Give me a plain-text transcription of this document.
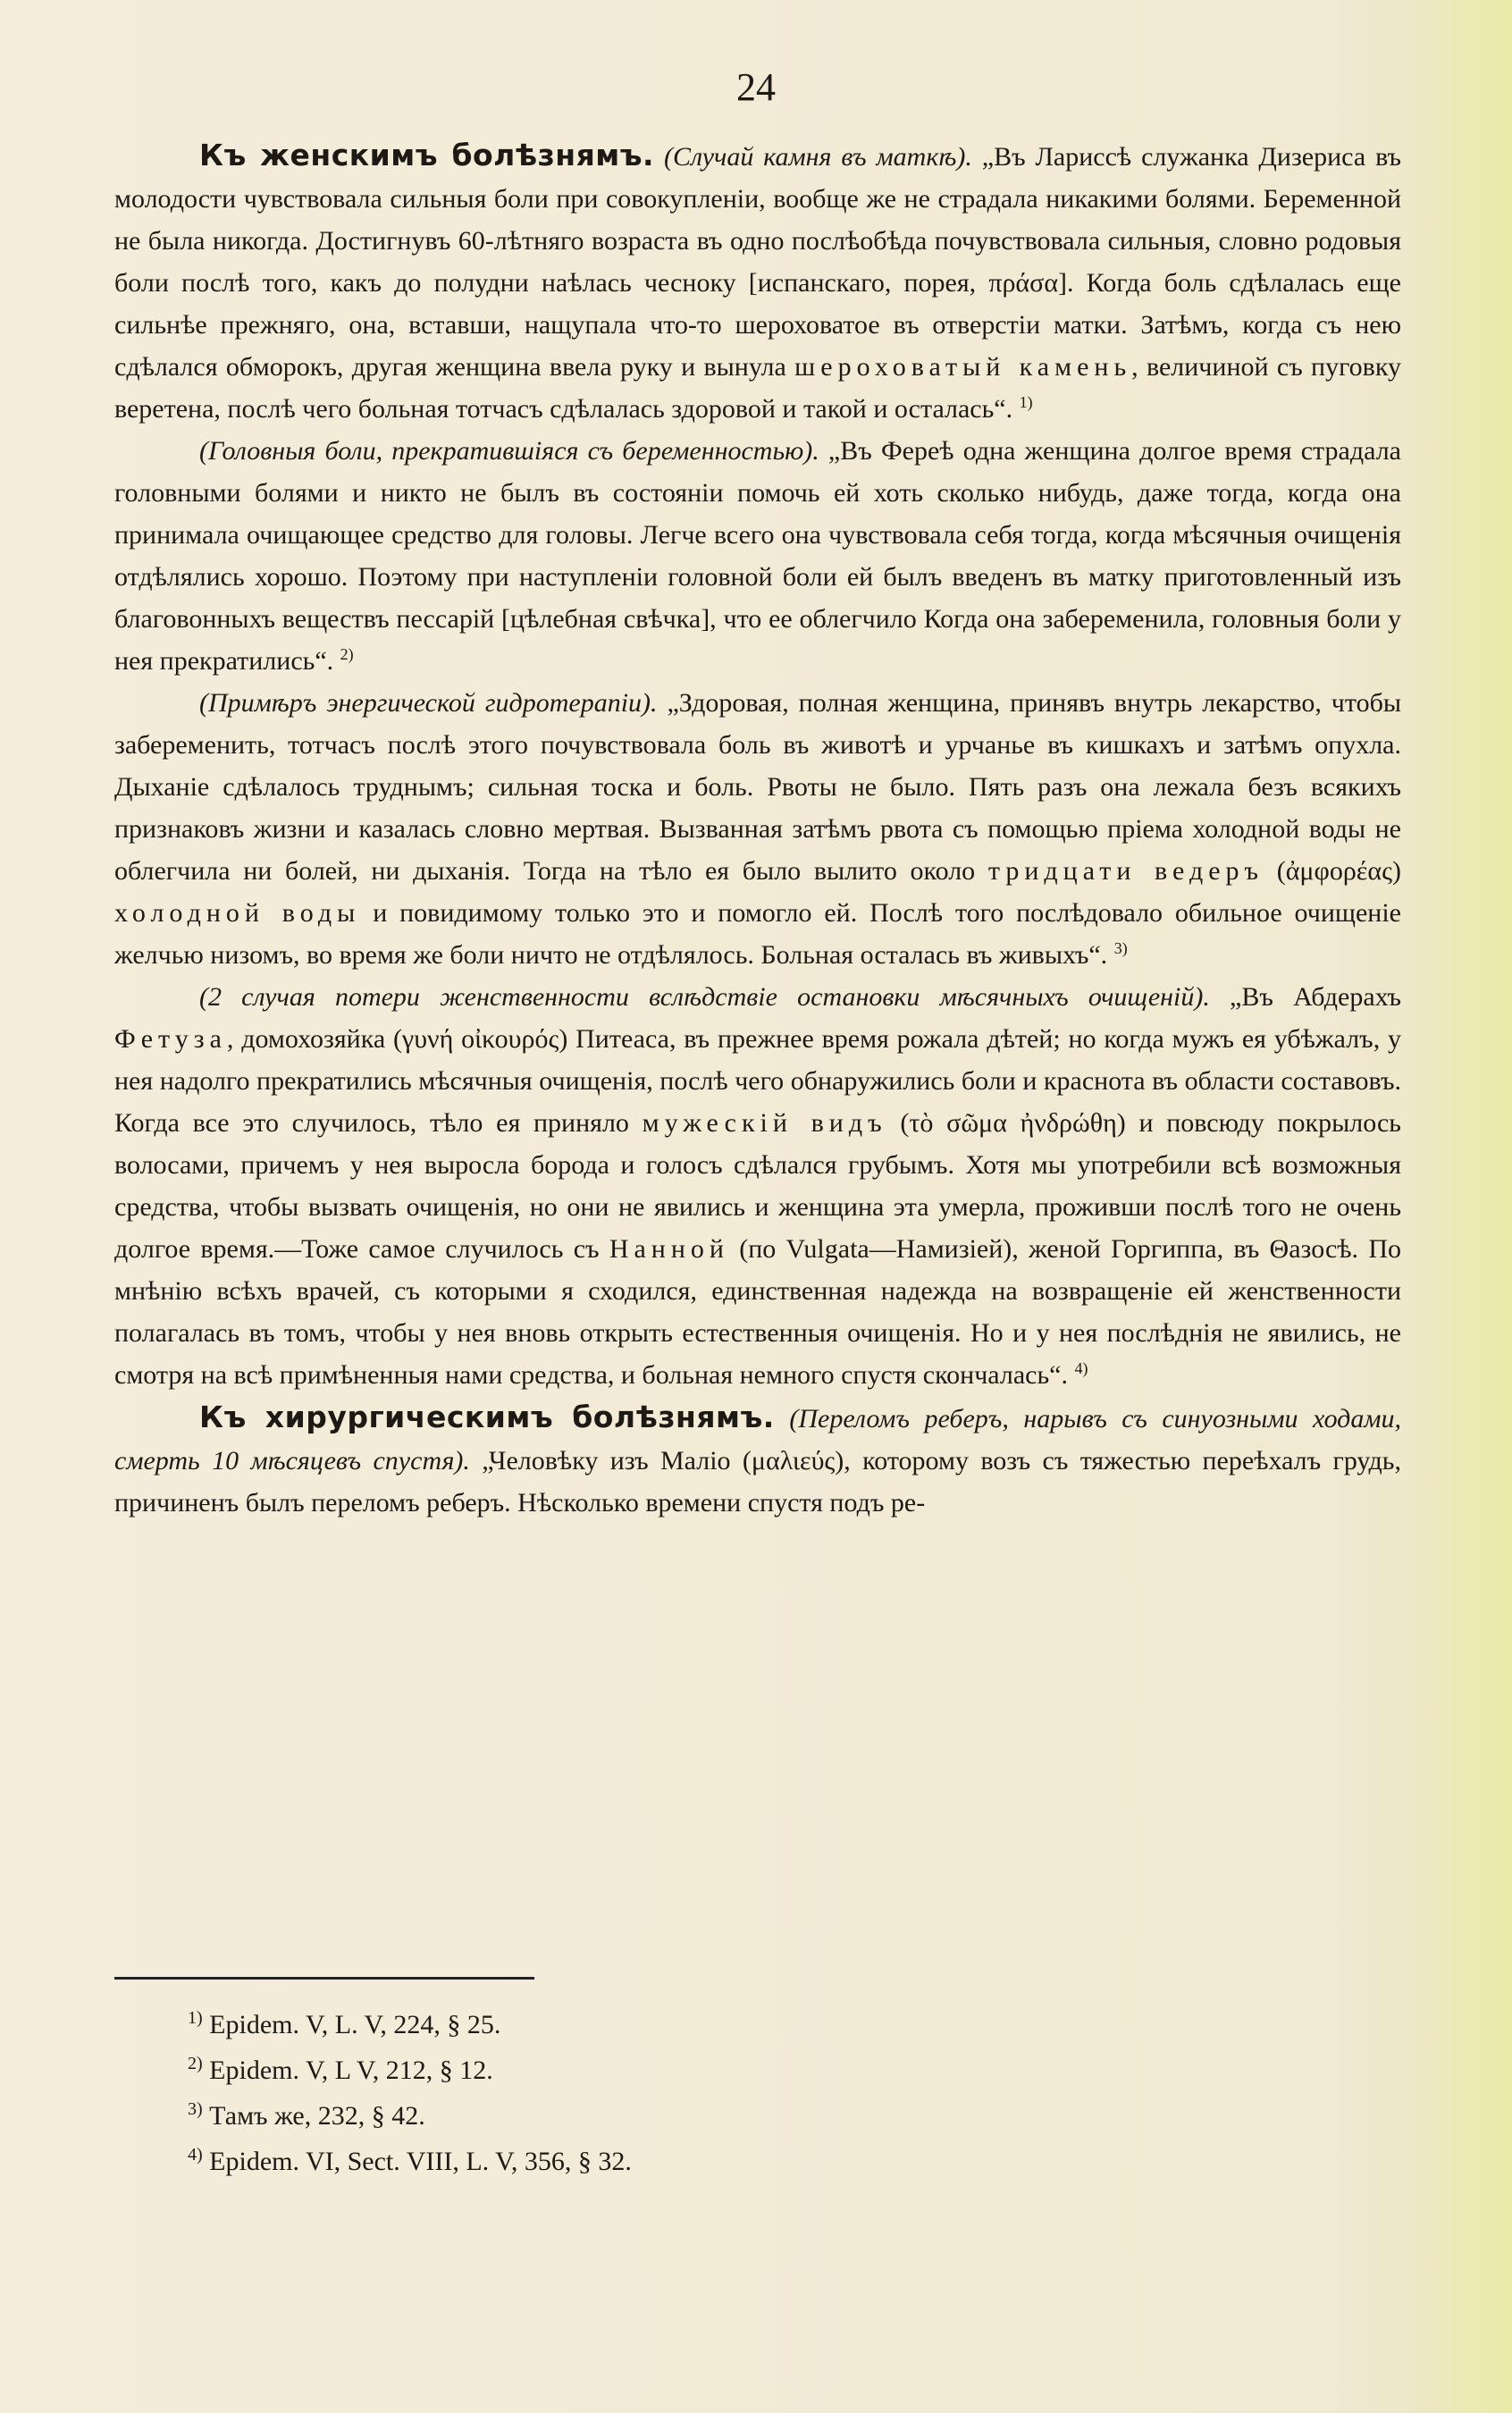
24

Къ женскимъ болѣзнямъ. (Случай камня въ маткѣ). „Въ Ларисcѣ служанка Дизериса въ молодости чувствовала сильныя боли при совокупленіи, вообще же не страдала никакими болями. Беременной не была никогда. Достигнувъ 60-лѣтняго возраста въ одно послѣобѣда почувствовала сильныя, словно родовыя боли послѣ того, какъ до полудни наѣлась чесноку [испанскаго, порея, πράσα]. Когда боль сдѣлалась еще сильнѣе прежняго, она, вставши, нащупала что-то шероховатое въ отверстіи матки. Затѣмъ, когда съ нею сдѣлался обморокъ, другая женщина ввела руку и вынула шероховатый камень, величиной съ пуговку веретена, послѣ чего больная тотчасъ сдѣлалась здоровой и такой и осталась“. $^{1)}$

(Головныя боли, прекратившіяся съ беременностью). „Въ Ферeѣ одна женщина долгое время страдала головными болями и никто не былъ въ состояніи помочь ей хоть сколько нибудь, даже тогда, когда она принимала очищающее средство для головы. Легче всего она чувствовала себя тогда, когда мѣсячныя очищенія отдѣлялись хорошо. Поэтому при наступленіи головной боли ей былъ введенъ въ матку приготовленный изъ благовонныхъ веществъ пессарій [цѣлебная свѣчка], что ее облегчило Когда она забеременила, головныя боли у нея прекратились“. $^{2)}$

(Примѣръ энергической гидротерапіи). „Здоровая, полная женщина, принявъ внутрь лекарство, чтобы забеременить, тотчасъ послѣ этого почувствовала боль въ животѣ и урчанье въ кишкахъ и затѣмъ опухла. Дыханіе сдѣлалось труднымъ; сильная тоска и боль. Рвоты не было. Пять разъ она лежала безъ всякихъ признаковъ жизни и казалась словно мертвая. Вызванная затѣмъ рвота съ помощью пріема холодной воды не облегчила ни болей, ни дыханія. Тогда на тѣло ея было вылито около тридцати ведеръ (ἀμφορέας) холодной воды и повидимому только это и помогло ей. Послѣ того послѣдовало обильное очищеніе желчью низомъ, во время же боли ничто не отдѣлялось. Больная осталась въ живыхъ“. $^{3)}$

(2 случая потери женственности вслѣдствіе остановки мѣсячныхъ очищеній). „Въ Абдерахъ Фетуза, домохозяйка (γυνή οἰκουρός) Питеаса, въ прежнее время рожала дѣтей; но когда мужъ ея убѣжалъ, у нея надолго прекратились мѣсячныя очищенія, послѣ чего обнаружились боли и краснота въ области составовъ. Когда все это случилось, тѣло ея приняло мужескій видъ (τὸ σῶμα ἠνδρώθη) и повсюду покрылось волосами, причемъ у нея выросла борода и голосъ сдѣлался грубымъ. Хотя мы употребили всѣ возможныя средства, чтобы вызвать очищенія, но они не явились и женщина эта умерла, проживши послѣ того не очень долгое время.—Тоже самое случилось съ Нанной (по Vulgata—Намизіей), женой Горгиппа, въ Θазосѣ. По мнѣнію всѣхъ врачей, съ которыми я сходился, единственная надежда на возвращеніе ей женственности полагалась въ томъ, чтобы у нея вновь открыть естественныя очищенія. Но и у нея послѣднія не явились, не смотря на всѣ примѣненныя нами средства, и больная немного спустя скончалась“. $^{4)}$

Къ хирургическимъ болѣзнямъ. (Переломъ реберъ, нарывъ съ синуозными ходами, смерть 10 мѣсяцевъ спустя). „Человѣку изъ Маліо (μαλιεύς), которому возъ съ тяжестью переѣхалъ грудь, причиненъ былъ переломъ реберъ. Нѣсколько времени спустя подъ ре-

$^{1)}$ Epidem. V, L. V, 224, § 25.
$^{2)}$ Epidem. V, L V, 212, § 12.
$^{3)}$ Тамъ же, 232, § 42.
$^{4)}$ Epidem. VI, Sect. VIII, L. V, 356, § 32.
